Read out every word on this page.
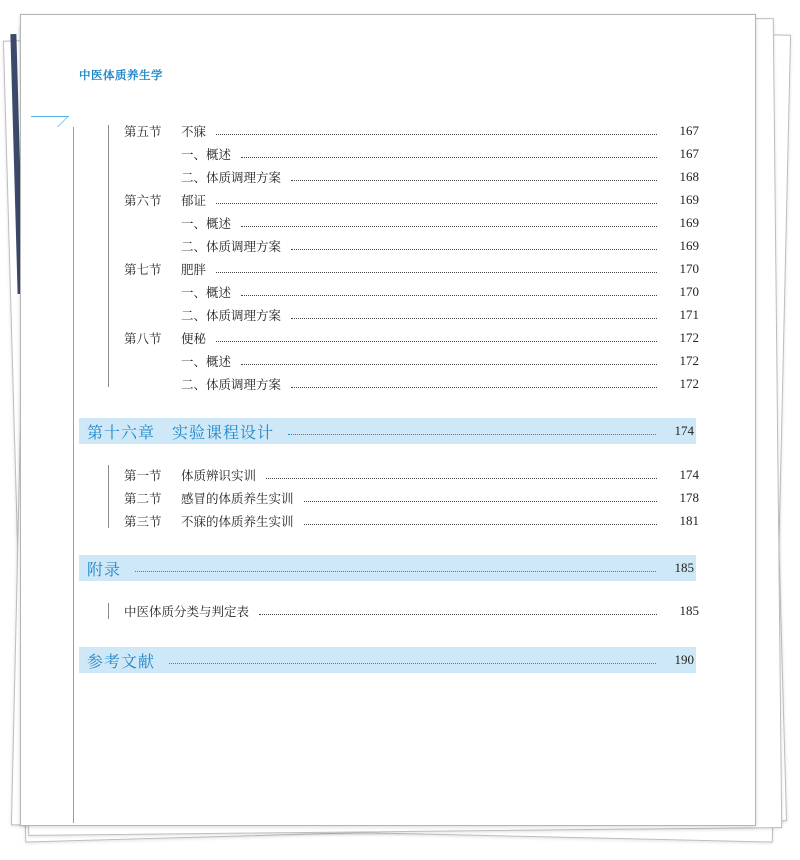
中医体质养生学
第五节	不寐	167
一、概述	167
二、体质调理方案	168
第六节	郁证	169
一、概述	169
二、体质调理方案	169
第七节	肥胖	170
一、概述	170
二、体质调理方案	171
第八节	便秘	172
一、概述	172
二、体质调理方案	172
第十六章　实验课程设计	174
第一节	体质辨识实训	174
第二节	感冒的体质养生实训	178
第三节	不寐的体质养生实训	181
附录	185
中医体质分类与判定表	185
参考文献	190
